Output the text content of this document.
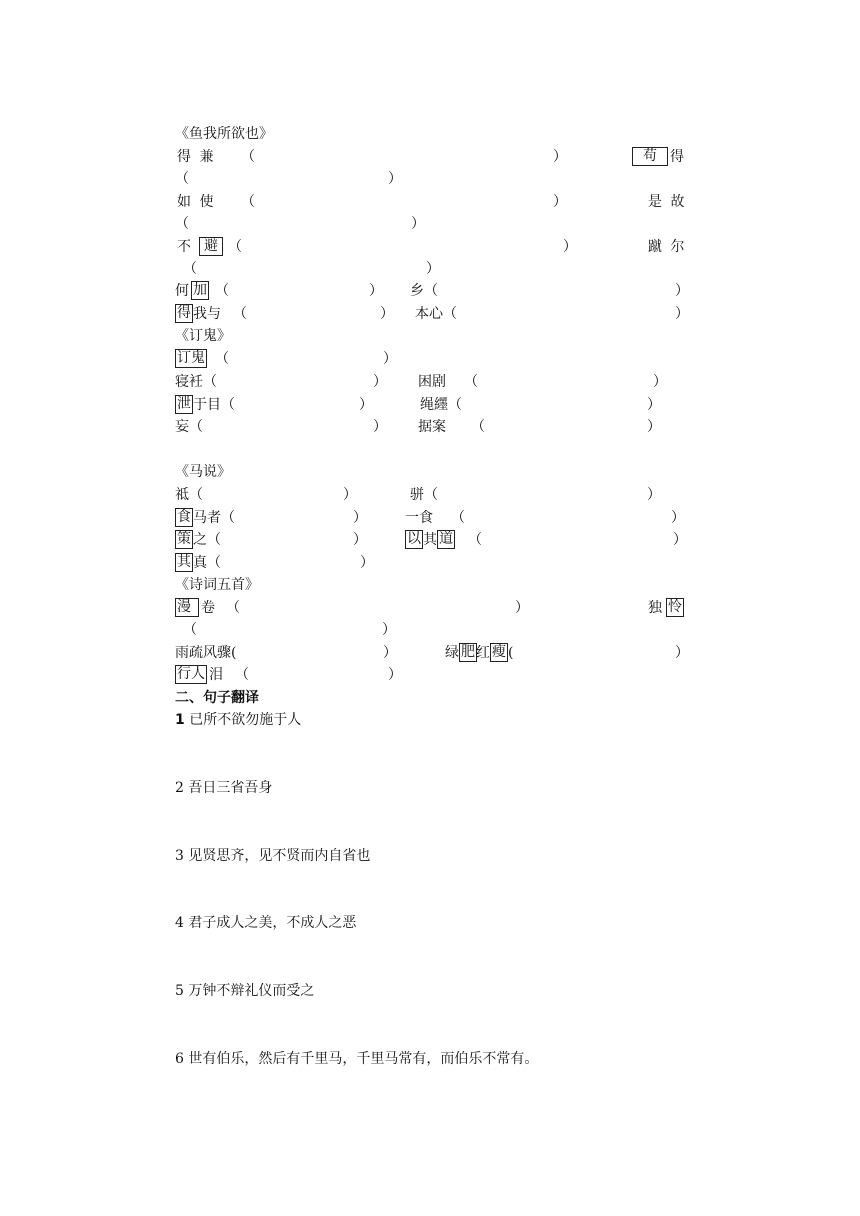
《鱼我所欲也》
得 兼 （	）	苟 得
（	）
如 使 （	）	是 故
（	）
不 避 （	）	蹴 尔
（	）
何 加 （	） 乡（	）
得 我与 （	） 本心（	）
《订鬼》
订鬼 （	）
寝衽（	） 困剧 （	）
泄 于目（	）	绳纆（	）
妄（	） 据案 （	）
《马说》
祗（	）	骈（	）
食 马者（	）	一食 （	）
策 之（	）	以 其 道 （	）
其 真（	）
《诗词五首》
漫 卷 （	）	独 怜
（	）
雨疏风骤(	）	绿 肥 红 瘦 (	）
行人 泪 （	）
二、句子翻译
1 已所不欲勿施于人
2 吾日三省吾身
3 见贤思齐，见不贤而内自省也
4 君子成人之美，不成人之恶
5 万钟不辩礼仪而受之
6 世有伯乐，然后有千里马，千里马常有，而伯乐不常有。
